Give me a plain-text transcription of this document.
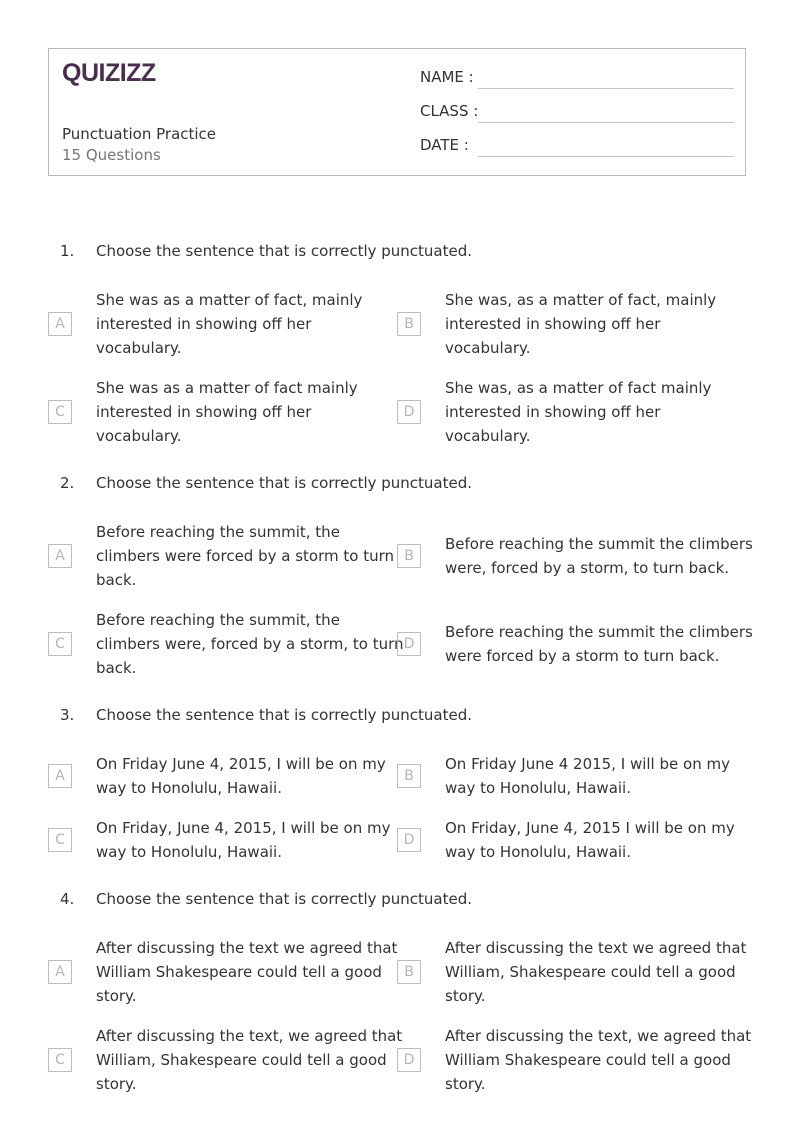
QUIZIZZ
Punctuation Practice
15 Questions
NAME :
CLASS :
DATE :
1. Choose the sentence that is correctly punctuated.
A
She was as a matter of fact, mainly
interested in showing off her
vocabulary.
B
She was, as a matter of fact, mainly
interested in showing off her
vocabulary.
C
She was as a matter of fact mainly
interested in showing off her
vocabulary.
D
She was, as a matter of fact mainly
interested in showing off her
vocabulary.
2. Choose the sentence that is correctly punctuated.
A
Before reaching the summit, the
climbers were forced by a storm to turn
back.
B
Before reaching the summit the climbers
were, forced by a storm, to turn back.
C
Before reaching the summit, the
climbers were, forced by a storm, to turn
back.
D
Before reaching the summit the climbers
were forced by a storm to turn back.
3. Choose the sentence that is correctly punctuated.
A
On Friday June 4, 2015, I will be on my
way to Honolulu, Hawaii.
B
On Friday June 4 2015, I will be on my
way to Honolulu, Hawaii.
C
On Friday, June 4, 2015, I will be on my
way to Honolulu, Hawaii.
D
On Friday, June 4, 2015 I will be on my
way to Honolulu, Hawaii.
4. Choose the sentence that is correctly punctuated.
A
After discussing the text we agreed that
William Shakespeare could tell a good
story.
B
After discussing the text we agreed that
William, Shakespeare could tell a good
story.
C
After discussing the text, we agreed that
William, Shakespeare could tell a good
story.
D
After discussing the text, we agreed that
William Shakespeare could tell a good
story.
